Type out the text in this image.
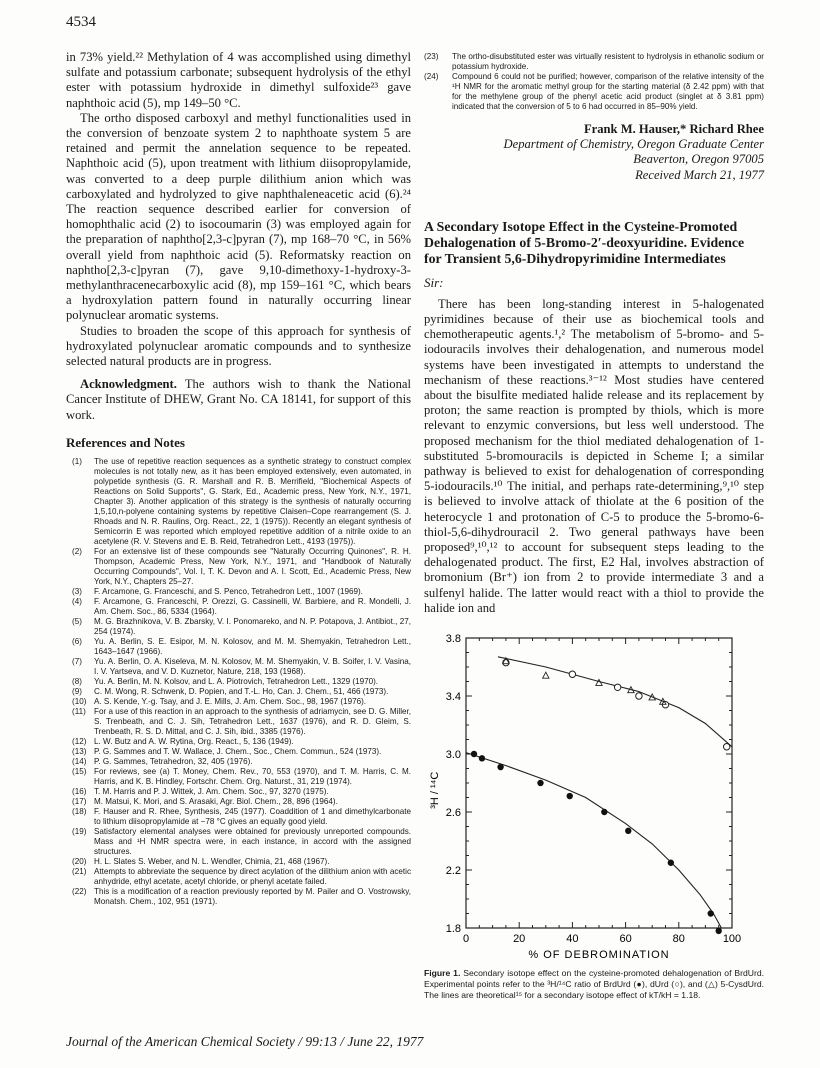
4534

in 73% yield.²² Methylation of 4 was accomplished using dimethyl sulfate and potassium carbonate; subsequent hydrolysis of the ethyl ester with potassium hydroxide in dimethyl sulfoxide²³ gave naphthoic acid (5), mp 149–50 °C.

The ortho disposed carboxyl and methyl functionalities used in the conversion of benzoate system 2 to naphthoate system 5 are retained and permit the annelation sequence to be repeated. Naphthoic acid (5), upon treatment with lithium diisopropylamide, was converted to a deep purple dilithium anion which was carboxylated and hydrolyzed to give naphthaleneacetic acid (6).²⁴ The reaction sequence described earlier for conversion of homophthalic acid (2) to isocoumarin (3) was employed again for the preparation of naphtho[2,3-c]pyran (7), mp 168–70 °C, in 56% overall yield from naphthoic acid (5). Reformatsky reaction on naphtho[2,3-c]pyran (7), gave 9,10-dimethoxy-1-hydroxy-3-methylanthracenecarboxylic acid (8), mp 159–161 °C, which bears a hydroxylation pattern found in naturally occurring linear polynuclear aromatic systems.

Studies to broaden the scope of this approach for synthesis of hydroxylated polynuclear aromatic compounds and to synthesize selected natural products are in progress.

Acknowledgment. The authors wish to thank the National Cancer Institute of DHEW, Grant No. CA 18141, for support of this work.

References and Notes
(1)	The use of repetitive reaction sequences as a synthetic strategy to construct complex molecules is not totally new, as it has been employed extensively, even automated, in polypetide synthesis (G. R. Marshall and R. B. Merrifield, "Biochemical Aspects of Reactions on Solid Supports", G. Stark, Ed., Academic press, New York, N.Y., 1971, Chapter 3). Another application of this strategy is the synthesis of naturally occurring 1,5,10,n-polyene containing systems by repetitive Claisen–Cope rearrangement (S. J. Rhoads and N. R. Raulins, Org. React., 22, 1 (1975)). Recently an elegant synthesis of Semicorrin E was reported which employed repetitive addition of a nitrile oxide to an acetylene (R. V. Stevens and E. B. Reid, Tetrahedron Lett., 4193 (1975)).
(2)	For an extensive list of these compounds see "Naturally Occurring Quinones", R. H. Thompson, Academic Press, New York, N.Y., 1971, and "Handbook of Naturally Occurring Compounds", Vol. I, T. K. Devon and A. I. Scott, Ed., Academic Press, New York, N.Y., Chapters 25–27.
(3)	F. Arcamone, G. Franceschi, and S. Penco, Tetrahedron Lett., 1007 (1969).
(4)	F. Arcamone, G. Franceschi, P. Orezzi, G. Cassinelli, W. Barbiere, and R. Mondelli, J. Am. Chem. Soc., 86, 5334 (1964).
(5)	M. G. Brazhnikova, V. B. Zbarsky, V. I. Ponomareko, and N. P. Potapova, J. Antibiot., 27, 254 (1974).
(6)	Yu. A. Berlin, S. E. Esipor, M. N. Kolosov, and M. M. Shemyakin, Tetrahedron Lett., 1643–1647 (1966).
(7)	Yu. A. Berlin, O. A. Kiseleva, M. N. Kolosov, M. M. Shemyakin, V. B. Soifer, I. V. Vasina, I. V. Yartseva, and V. D. Kuznetor, Nature, 218, 193 (1968).
(8)	Yu. A. Berlin, M. N. Kolsov, and L. A. Piotrovich, Tetrahedron Lett., 1329 (1970).
(9)	C. M. Wong, R. Schwenk, D. Popien, and T.-L. Ho, Can. J. Chem., 51, 466 (1973).
(10) A. S. Kende, Y.-g. Tsay, and J. E. Mills, J. Am. Chem. Soc., 98, 1967 (1976).
(11)	For a use of this reaction in an approach to the synthesis of adriamycin, see D. G. Miller, S. Trenbeath, and C. J. Sih, Tetrahedron Lett., 1637 (1976), and R. D. Gleim, S. Trenbeath, R. S. D. Mittal, and C. J. Sih, ibid., 3385 (1976).
(12) L. W. Butz and A. W. Rytina, Org. React., 5, 136 (1949).
(13) P. G. Sammes and T. W. Wallace, J. Chem., Soc., Chem. Commun., 524 (1973).
(14) P. G. Sammes, Tetrahedron, 32, 405 (1976).
(15) For reviews, see (a) T. Money, Chem. Rev., 70, 553 (1970), and T. M. Harris, C. M. Harris, and K. B. Hindley, Fortschr. Chem. Org. Naturst., 31, 219 (1974).
(16) T. M. Harris and P. J. Wittek, J. Am. Chem. Soc., 97, 3270 (1975).
(17) M. Matsui, K. Mori, and S. Arasaki, Agr. Biol. Chem., 28, 896 (1964).
(18) F. Hauser and R. Rhee, Synthesis, 245 (1977). Coaddition of 1 and dimethylcarbonate to lithium diisopropylamide at −78 °C gives an equally good yield.
(19) Satisfactory elemental analyses were obtained for previously unreported compounds. Mass and ¹H NMR spectra were, in each instance, in accord with the assigned structures.
(20) H. L. Slates S. Weber, and N. L. Wendler, Chimia, 21, 468 (1967).
(21) Attempts to abbreviate the sequence by direct acylation of the dilithium anion with acetic anhydride, ethyl acetate, acetyl chloride, or phenyl acetate failed.
(22) This is a modification of a reaction previously reported by M. Pailer and O. Vostrowsky, Monatsh. Chem., 102, 951 (1971).
(23)	The ortho-disubstituted ester was virtually resistent to hydrolysis in ethanolic sodium or potassium hydroxide.
(24)	Compound 6 could not be purified; however, comparison of the relative intensity of the ¹H NMR for the aromatic methyl group for the starting material (δ 2.42 ppm) with that for the methylene group of the phenyl acetic acid product (singlet at δ 3.81 ppm) indicated that the conversion of 5 to 6 had occurred in 85–90% yield.
Frank M. Hauser,* Richard Rhee
Department of Chemistry, Oregon Graduate Center
Beaverton, Oregon 97005
Received March 21, 1977
A Secondary Isotope Effect in the Cysteine-Promoted Dehalogenation of 5-Bromo-2′-deoxyuridine. Evidence for Transient 5,6-Dihydropyrimidine Intermediates
Sir:

There has been long-standing interest in 5-halogenated pyrimidines because of their use as biochemical tools and chemotherapeutic agents.¹,² The metabolism of 5-bromo- and 5-iodouracils involves their dehalogenation, and numerous model systems have been investigated in attempts to understand the mechanism of these reactions.³⁻¹² Most studies have centered about the bisulfite mediated halide release and its replacement by proton; the same reaction is prompted by thiols, which is more relevant to enzymic conversions, but less well understood. The proposed mechanism for the thiol mediated dehalogenation of 1-substituted 5-bromouracils is depicted in Scheme I; a similar pathway is believed to exist for dehalogenation of corresponding 5-iodouracils.¹⁰ The initial, and perhaps rate-determining,⁹,¹⁰ step is believed to involve attack of thiolate at the 6 position of the heterocycle 1 and protonation of C-5 to produce the 5-bromo-6-thiol-5,6-dihydrouracil 2. Two general pathways have been proposed⁹,¹⁰,¹² to account for subsequent steps leading to the dehalogenated product. The first, E2 Hal, involves abstraction of bromonium (Br⁺) ion from 2 to provide intermediate 3 and a sulfenyl halide. The latter would react with a thiol to provide the halide ion and

0	20	40	60	80	100
3.8
3.4
3.0
2.6
2.2
1.8
% OF DEBROMINATION
³H / ¹⁴C
Figure 1. Secondary isotope effect on the cysteine-promoted dehalogenation of BrdUrd. Experimental points refer to the ³H/¹⁴C ratio of BrdUrd (●), dUrd (○), and (△) 5-CysdUrd. The lines are theoretical¹⁵ for a secondary isotope effect of kT/kH = 1.18.
Journal of the American Chemical Society / 99:13 / June 22, 1977
